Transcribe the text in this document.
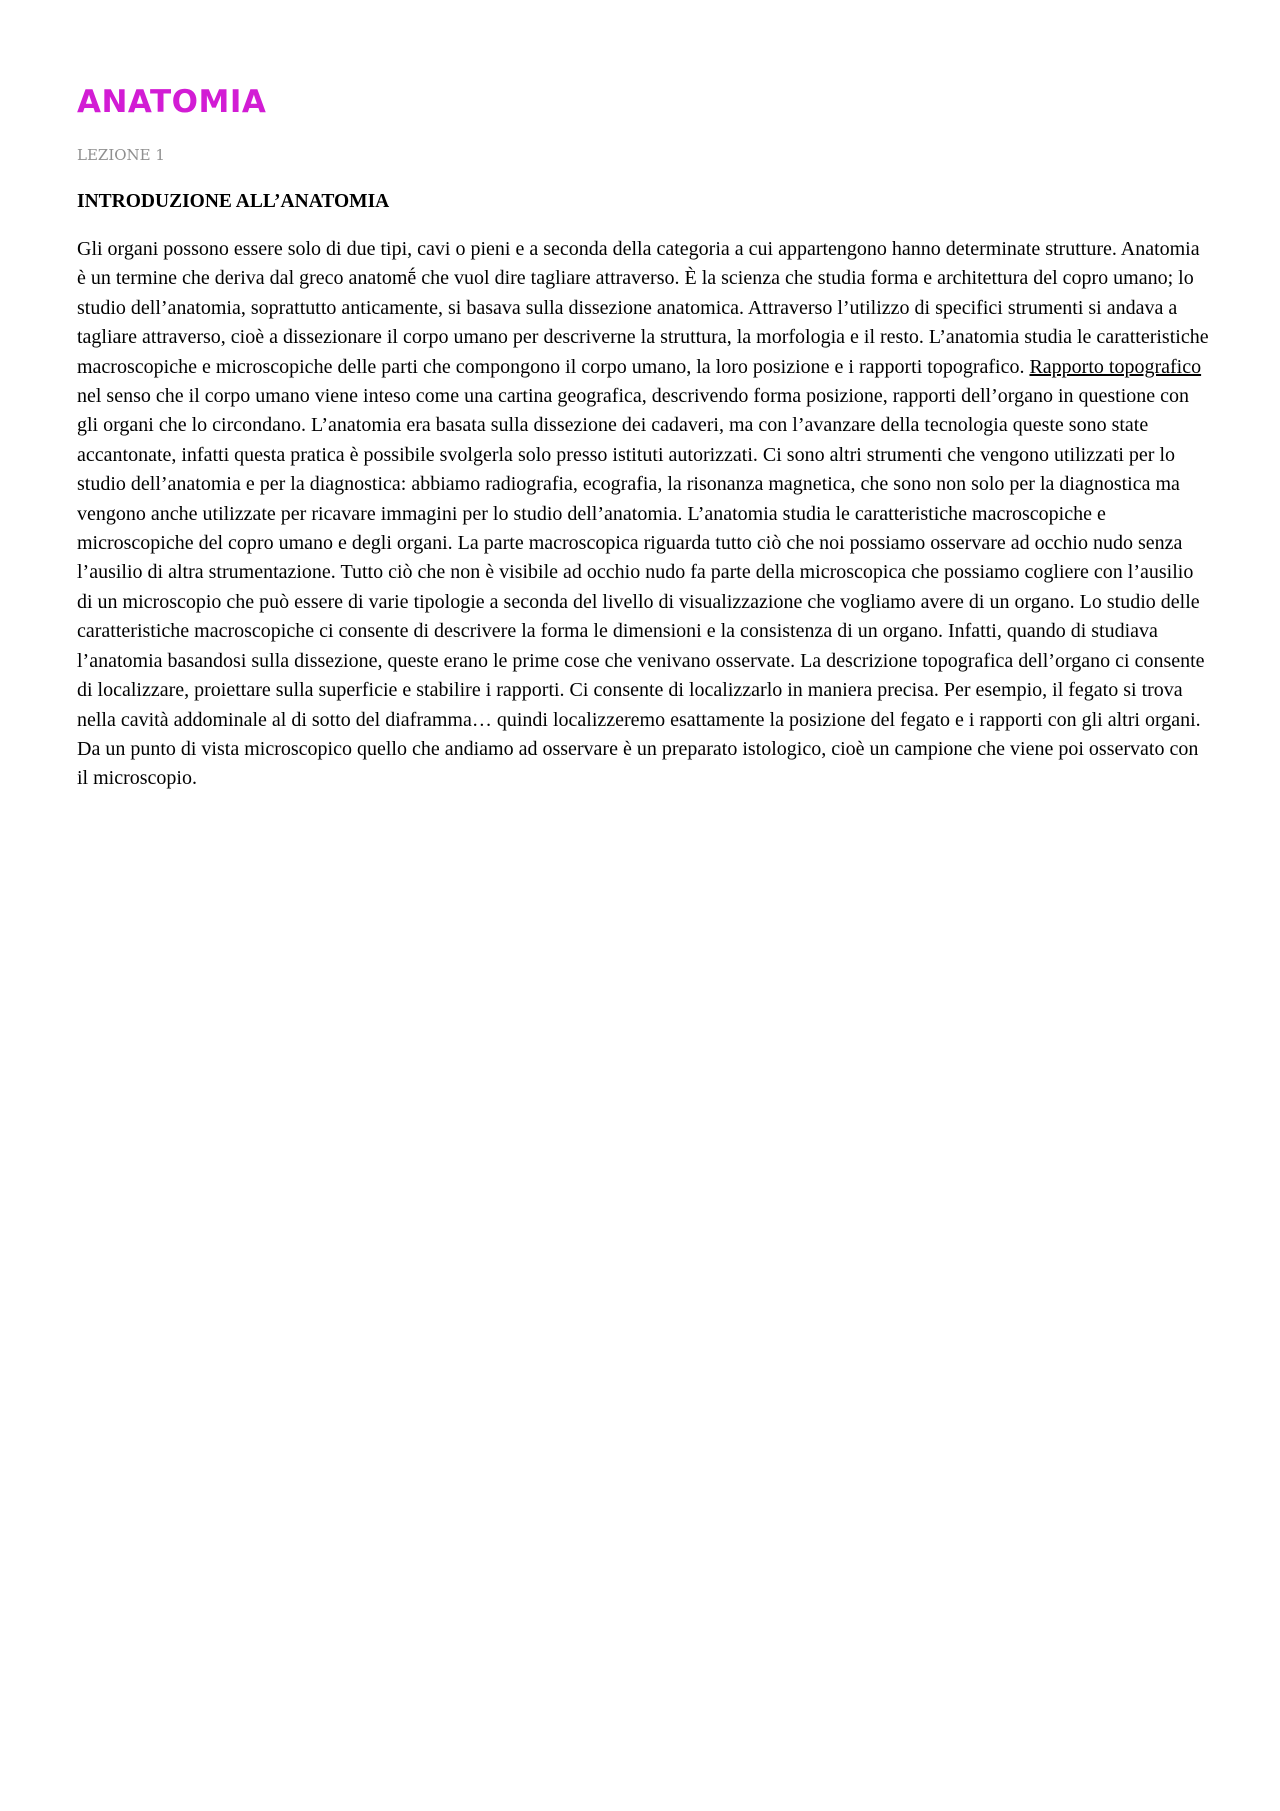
ANATOMIA
LEZIONE 1
INTRODUZIONE ALL’ANATOMIA

Gli organi possono essere solo di due tipi, cavi o pieni e a seconda della categoria a cui appartengono hanno determinate strutture. Anatomia è un termine che deriva dal greco anatomḗ che vuol dire tagliare attraverso. È la scienza che studia forma e architettura del copro umano; lo studio dell’anatomia, soprattutto anticamente, si basava sulla dissezione anatomica. Attraverso l’utilizzo di specifici strumenti si andava a tagliare attraverso, cioè a dissezionare il corpo umano per descriverne la struttura, la morfologia e il resto. L’anatomia studia le caratteristiche macroscopiche e microscopiche delle parti che compongono il corpo umano, la loro posizione e i rapporti topografico. Rapporto topografico nel senso che il corpo umano viene inteso come una cartina geografica, descrivendo forma posizione, rapporti dell’organo in questione con gli organi che lo circondano. L’anatomia era basata sulla dissezione dei cadaveri, ma con l’avanzare della tecnologia queste sono state accantonate, infatti questa pratica è possibile svolgerla solo presso istituti autorizzati. Ci sono altri strumenti che vengono utilizzati per lo studio dell’anatomia e per la diagnostica: abbiamo radiografia, ecografia, la risonanza magnetica, che sono non solo per la diagnostica ma vengono anche utilizzate per ricavare immagini per lo studio dell’anatomia. L’anatomia studia le caratteristiche macroscopiche e microscopiche del copro umano e degli organi. La parte macroscopica riguarda tutto ciò che noi possiamo osservare ad occhio nudo senza l’ausilio di altra strumentazione. Tutto ciò che non è visibile ad occhio nudo fa parte della microscopica che possiamo cogliere con l’ausilio di un microscopio che può essere di varie tipologie a seconda del livello di visualizzazione che vogliamo avere di un organo. Lo studio delle caratteristiche macroscopiche ci consente di descrivere la forma le dimensioni e la consistenza di un organo. Infatti, quando di studiava l’anatomia basandosi sulla dissezione, queste erano le prime cose che venivano osservate. La descrizione topografica dell’organo ci consente di localizzare, proiettare sulla superficie e stabilire i rapporti. Ci consente di localizzarlo in maniera precisa. Per esempio, il fegato si trova nella cavità addominale al di sotto del diaframma… quindi localizzeremo esattamente la posizione del fegato e i rapporti con gli altri organi. Da un punto di vista microscopico quello che andiamo ad osservare è un preparato istologico, cioè un campione che viene poi osservato con il microscopio.
